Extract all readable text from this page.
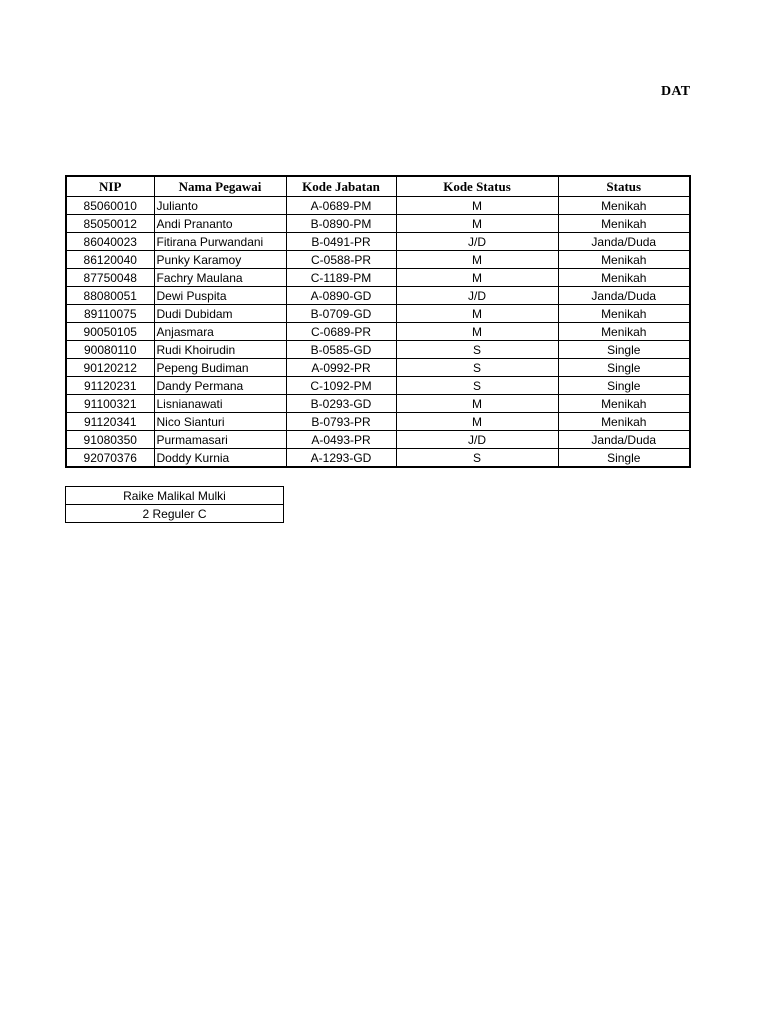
DAT
NIP	Nama Pegawai	Kode Jabatan	Kode Status	Status
85060010	Julianto	A-0689-PM	M	Menikah
85050012	Andi Prananto	B-0890-PM	M	Menikah
86040023	Fitirana Purwandani	B-0491-PR	J/D	Janda/Duda
86120040	Punky Karamoy	C-0588-PR	M	Menikah
87750048	Fachry Maulana	C-1189-PM	M	Menikah
88080051	Dewi Puspita	A-0890-GD	J/D	Janda/Duda
89110075	Dudi Dubidam	B-0709-GD	M	Menikah
90050105	Anjasmara	C-0689-PR	M	Menikah
90080110	Rudi Khoirudin	B-0585-GD	S	Single
90120212	Pepeng Budiman	A-0992-PR	S	Single
91120231	Dandy Permana	C-1092-PM	S	Single
91100321	Lisnianawati	B-0293-GD	M	Menikah
91120341	Nico Sianturi	B-0793-PR	M	Menikah
91080350	Purmamasari	A-0493-PR	J/D	Janda/Duda
92070376	Doddy Kurnia	A-1293-GD	S	Single
Raike Malikal Mulki
2 Reguler C
